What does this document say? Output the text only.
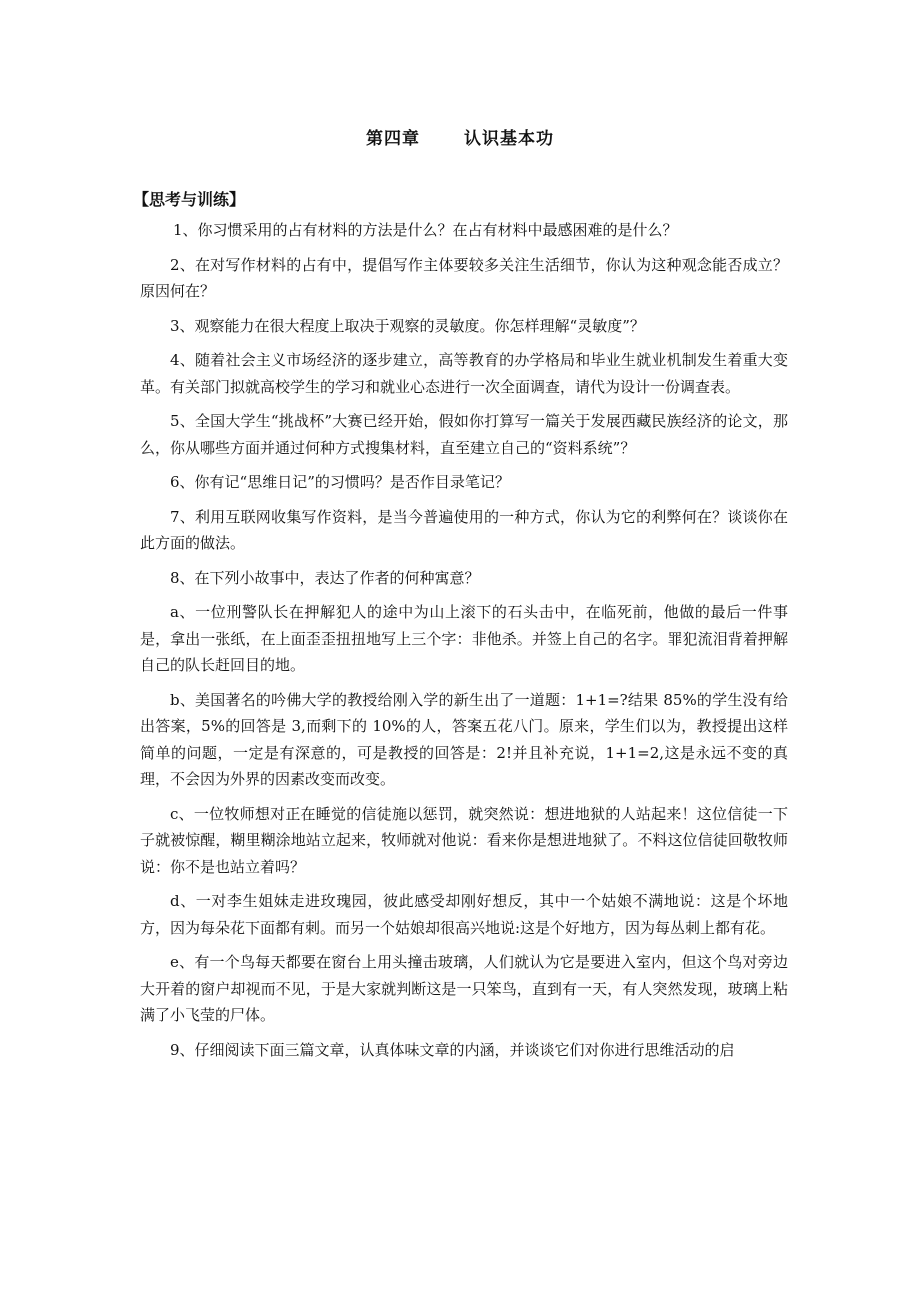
第四章	认识基本功
【思考与训练】

1、你习惯采用的占有材料的方法是什么？在占有材料中最感困难的是什么？

2、在对写作材料的占有中，提倡写作主体要较多关注生活细节，你认为这种观念能否成立？原因何在？

3、观察能力在很大程度上取决于观察的灵敏度。你怎样理解“灵敏度”？

4、随着社会主义市场经济的逐步建立，高等教育的办学格局和毕业生就业机制发生着重大变革。有关部门拟就高校学生的学习和就业心态进行一次全面调查，请代为设计一份调查表。

5、全国大学生“挑战杯”大赛已经开始，假如你打算写一篇关于发展西藏民族经济的论文，那么，你从哪些方面并通过何种方式搜集材料，直至建立自己的“资料系统”？

6、你有记“思维日记”的习惯吗？是否作目录笔记？

7、利用互联网收集写作资料，是当今普遍使用的一种方式，你认为它的利弊何在？谈谈你在此方面的做法。

8、在下列小故事中，表达了作者的何种寓意？

a、一位刑警队长在押解犯人的途中为山上滚下的石头击中，在临死前，他做的最后一件事是，拿出一张纸，在上面歪歪扭扭地写上三个字：非他杀。并签上自己的名字。罪犯流泪背着押解自己的队长赶回目的地。

b、美国著名的吟佛大学的教授给刚入学的新生出了一道题：1+1=?结果 85%的学生没有给出答案，5%的回答是 3,而剩下的 10%的人，答案五花八门。原来，学生们以为，教授提出这样简单的问题，一定是有深意的，可是教授的回答是：2!并且补充说，1+1=2,这是永远不变的真理，不会因为外界的因素改变而改变。

c、一位牧师想对正在睡觉的信徒施以惩罚，就突然说：想进地狱的人站起来！这位信徒一下子就被惊醒，糊里糊涂地站立起来，牧师就对他说：看来你是想进地狱了。不料这位信徒回敬牧师说：你不是也站立着吗？

d、一对李生姐妹走进玫瑰园，彼此感受却刚好想反，其中一个姑娘不满地说：这是个坏地方，因为每朵花下面都有刺。而另一个姑娘却很高兴地说:这是个好地方，因为每丛刺上都有花。

e、有一个鸟每天都要在窗台上用头撞击玻璃，人们就认为它是要进入室内，但这个鸟对旁边大开着的窗户却视而不见，于是大家就判断这是一只笨鸟，直到有一天，有人突然发现，玻璃上粘满了小飞莹的尸体。

9、仔细阅读下面三篇文章，认真体味文章的内涵，并谈谈它们对你进行思维活动的启
